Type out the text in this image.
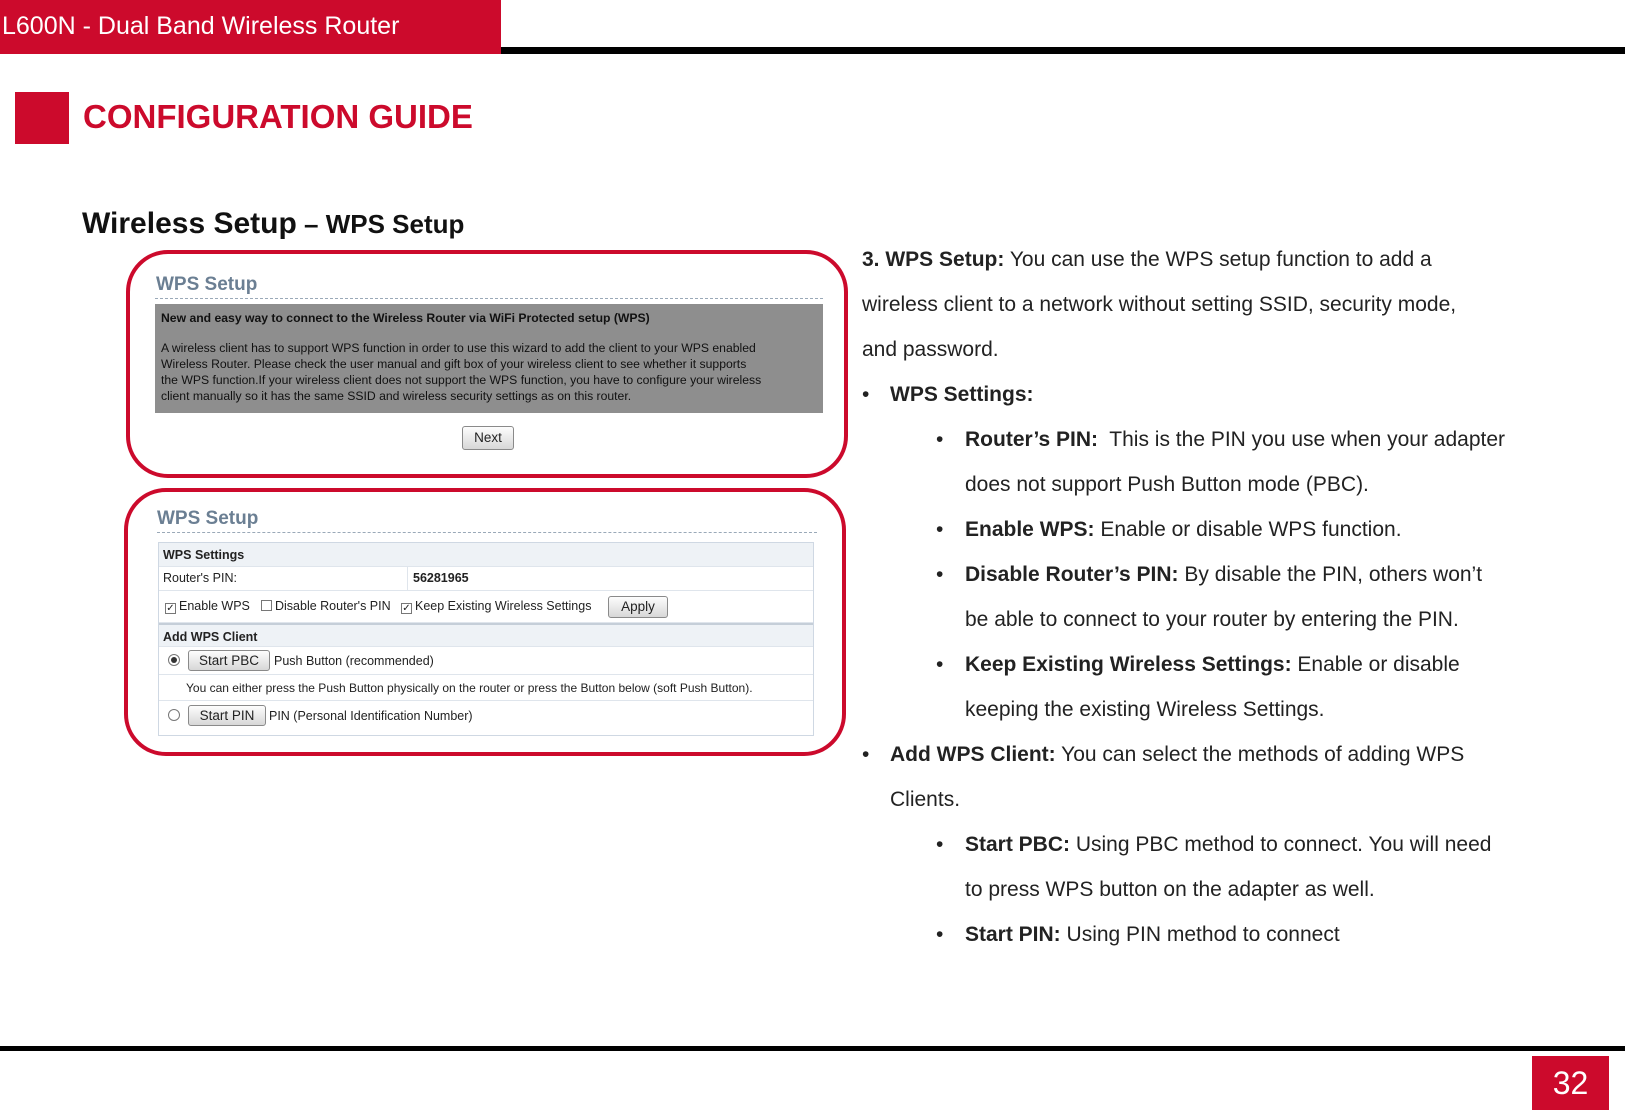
L600N - Dual Band Wireless Router
CONFIGURATION GUIDE
Wireless Setup – WPS Setup
WPS Setup
New and easy way to connect to the Wireless Router via WiFi Protected setup (WPS)
A wireless client has to support WPS function in order to use this wizard to add the client to your WPS enabled
Wireless Router. Please check the user manual and gift box of your wireless client to see whether it supports
the WPS function.If your wireless client does not support the WPS function, you have to configure your wireless
client manually so it has the same SSID and wireless security settings as on this router.
Next
WPS Setup
WPS Settings
Router's PIN:	56281965
✓ Enable WPS	Disable Router's PIN ✓ Keep Existing Wireless Settings	Apply
Add WPS Client
Start PBC	Push Button (recommended)
You can either press the Push Button physically on the router or press the Button below (soft Push Button).
Start PIN	PIN (Personal Identification Number)
3. WPS Setup: You can use the WPS setup function to add a
wireless client to a network without setting SSID, security mode,
and password.
• WPS Settings:
• Router’s PIN:  This is the PIN you use when your adapter
does not support Push Button mode (PBC).
• Enable WPS: Enable or disable WPS function.
• Disable Router’s PIN: By disable the PIN, others won’t
be able to connect to your router by entering the PIN.
• Keep Existing Wireless Settings: Enable or disable
keeping the existing Wireless Settings.
• Add WPS Client: You can select the methods of adding WPS
Clients.
• Start PBC: Using PBC method to connect. You will need
to press WPS button on the adapter as well.
• Start PIN: Using PIN method to connect
32
